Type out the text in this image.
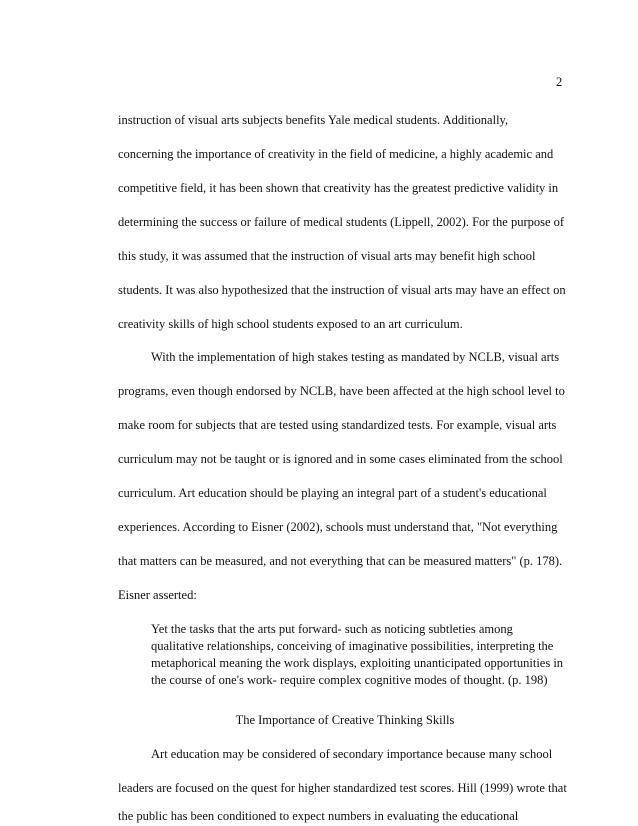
2
instruction of visual arts subjects benefits Yale medical students. Additionally,
concerning the importance of creativity in the field of medicine, a highly academic and
competitive field, it has been shown that creativity has the greatest predictive validity in
determining the success or failure of medical students (Lippell, 2002). For the purpose of
this study, it was assumed that the instruction of visual arts may benefit high school
students. It was also hypothesized that the instruction of visual arts may have an effect on
creativity skills of high school students exposed to an art curriculum.
With the implementation of high stakes testing as mandated by NCLB, visual arts
programs, even though endorsed by NCLB, have been affected at the high school level to
make room for subjects that are tested using standardized tests. For example, visual arts
curriculum may not be taught or is ignored and in some cases eliminated from the school
curriculum. Art education should be playing an integral part of a student's educational
experiences. According to Eisner (2002), schools must understand that, "Not everything
that matters can be measured, and not everything that can be measured matters" (p. 178).
Eisner asserted:
Yet the tasks that the arts put forward- such as noticing subtleties among
qualitative relationships, conceiving of imaginative possibilities, interpreting the
metaphorical meaning the work displays, exploiting unanticipated opportunities in
the course of one's work- require complex cognitive modes of thought. (p. 198)
The Importance of Creative Thinking Skills
Art education may be considered of secondary importance because many school
leaders are focused on the quest for higher standardized test scores. Hill (1999) wrote that
the public has been conditioned to expect numbers in evaluating the educational
